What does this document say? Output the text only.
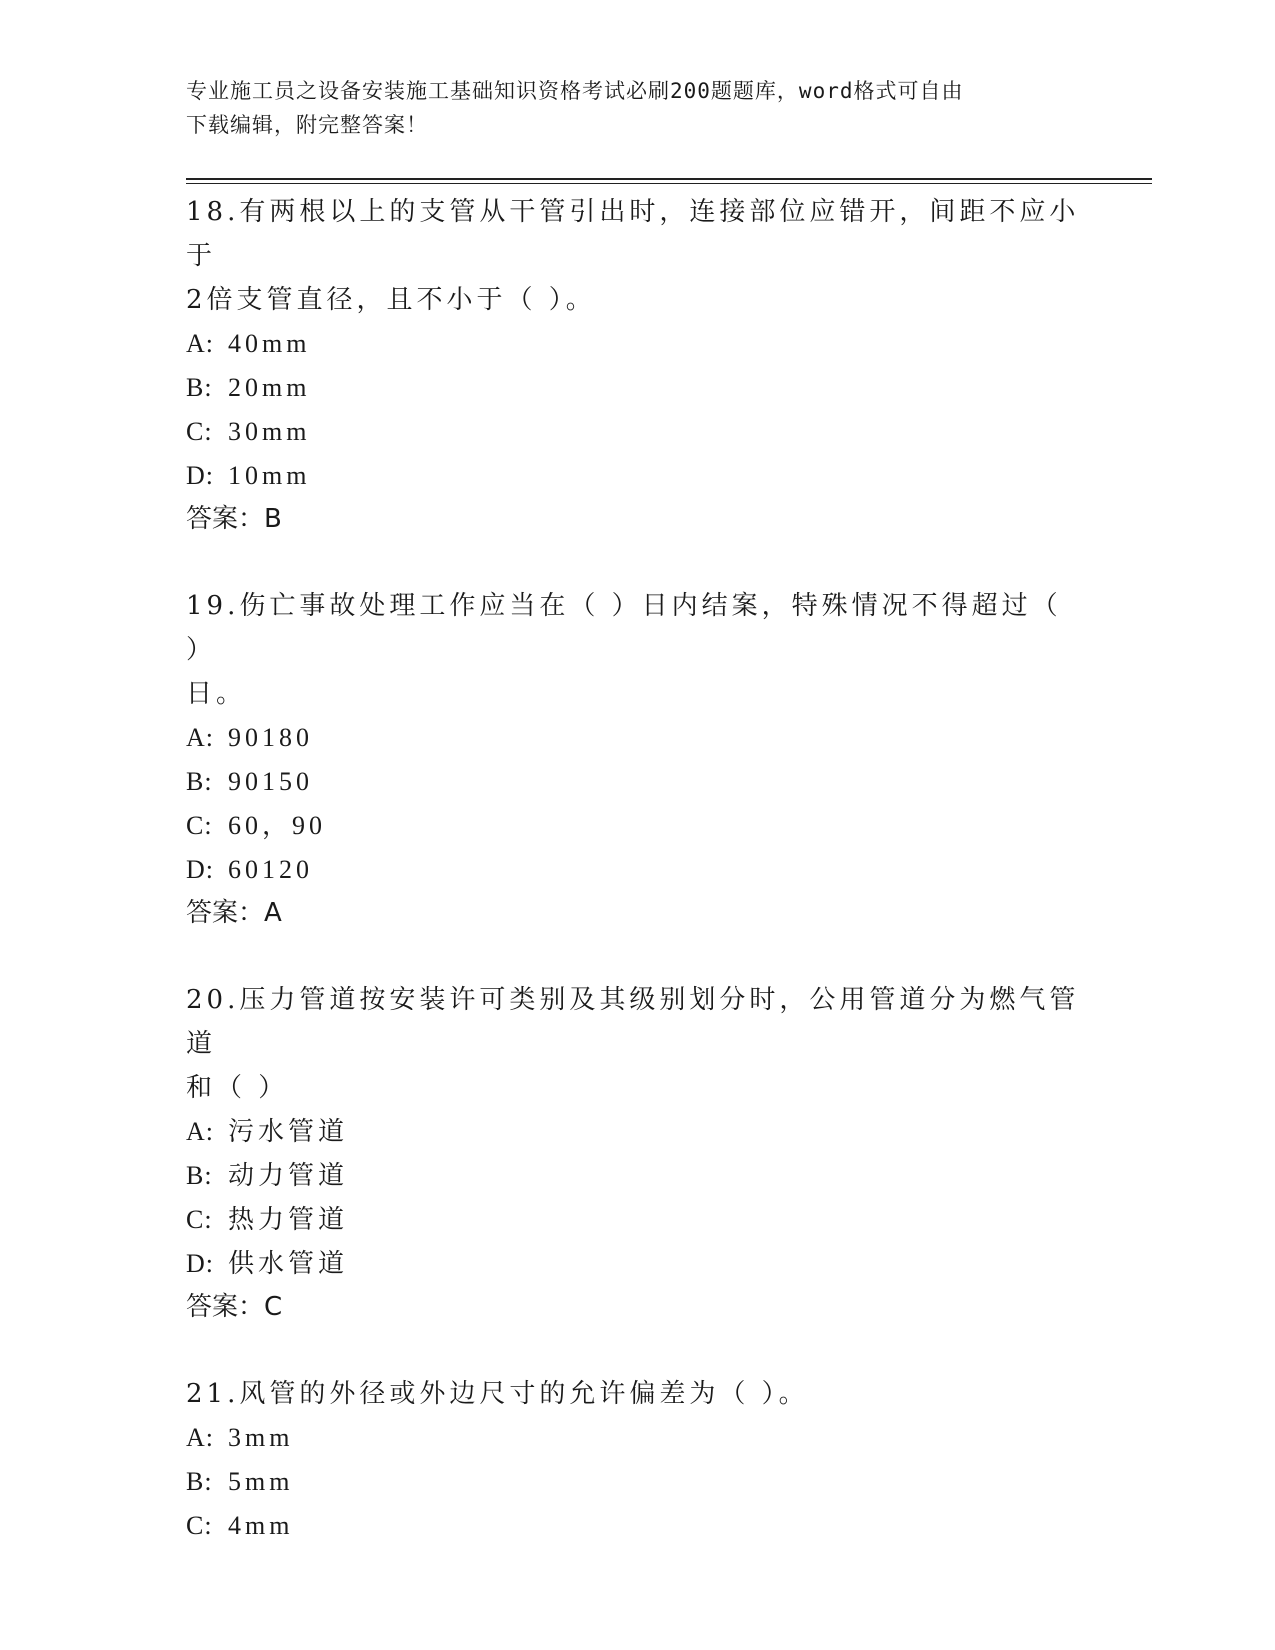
专业施工员之设备安装施工基础知识资格考试必刷200题题库，word格式可自由
下载编辑，附完整答案！

18.有两根以上的支管从干管引出时，连接部位应错开，间距不应小于

2倍支管直径，且不小于（ ）。

A: 40mm
B: 20mm
C: 30mm
D: 10mm
答案：B

19.伤亡事故处理工作应当在（ ）日内结案，特殊情况不得超过（ ）

日。

A: 90180
B: 90150
C: 60，90
D: 60120
答案：A

20.压力管道按安装许可类别及其级别划分时，公用管道分为燃气管道

和（ ）

A: 污水管道
B: 动力管道
C: 热力管道
D: 供水管道
答案：C

21.风管的外径或外边尺寸的允许偏差为（ ）。

A: 3mm
B: 5mm
C: 4mm
